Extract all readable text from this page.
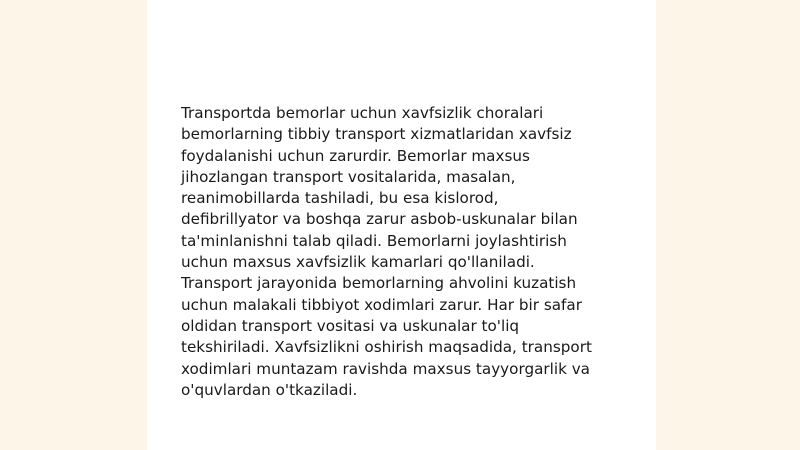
Transportda bemorlar uchun xavfsizlik choralari
bemorlarning tibbiy transport xizmatlaridan xavfsiz
foydalanishi uchun zarurdir. Bemorlar maxsus
jihozlangan transport vositalarida, masalan,
reanimobillarda tashiladi, bu esa kislorod,
defibrillyator va boshqa zarur asbob-uskunalar bilan
ta'minlanishni talab qiladi. Bemorlarni joylashtirish
uchun maxsus xavfsizlik kamarlari qo'llaniladi.
Transport jarayonida bemorlarning ahvolini kuzatish
uchun malakali tibbiyot xodimlari zarur. Har bir safar
oldidan transport vositasi va uskunalar to'liq
tekshiriladi. Xavfsizlikni oshirish maqsadida, transport
xodimlari muntazam ravishda maxsus tayyorgarlik va
o'quvlardan o'tkaziladi.
